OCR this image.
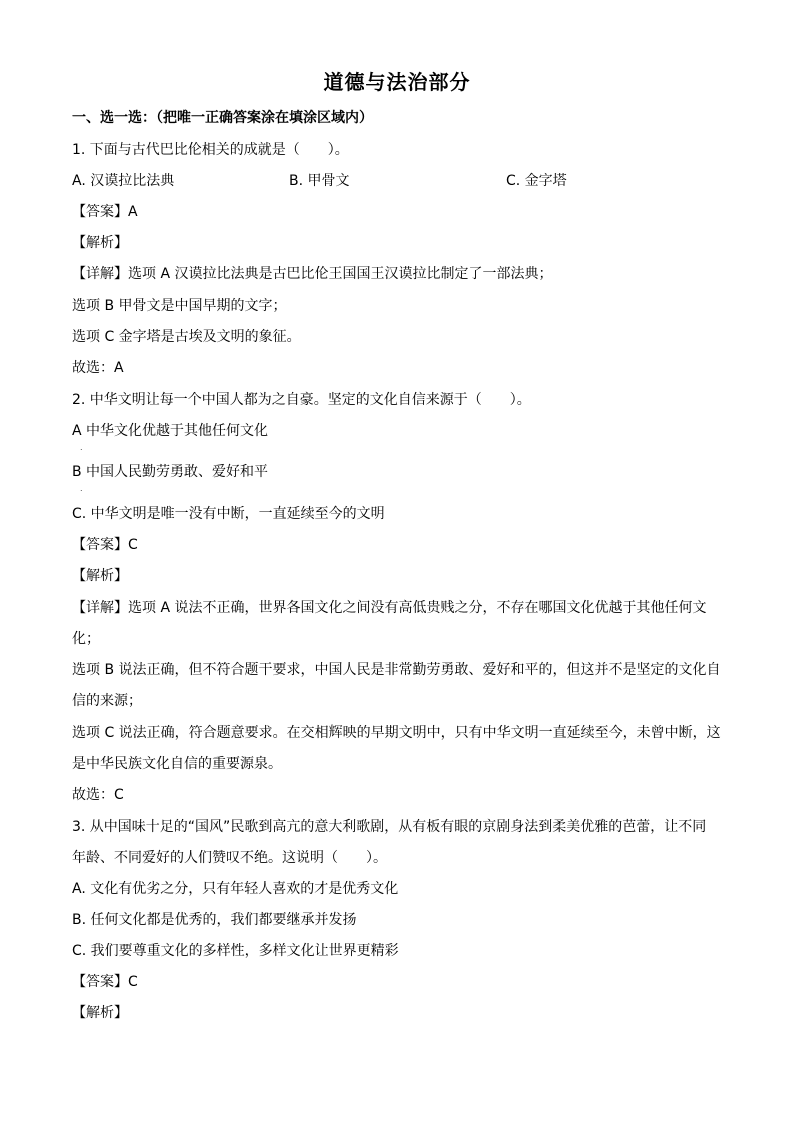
道德与法治部分
一、选一选：（把唯一正确答案涂在填涂区域内）
1. 下面与古代巴比伦相关的成就是（　　）。
A. 汉谟拉比法典	B. 甲骨文	C. 金字塔
【答案】A
【解析】
【详解】选项 A 汉谟拉比法典是古巴比伦王国国王汉谟拉比制定了一部法典；
选项 B 甲骨文是中国早期的文字；
选项 C 金字塔是古埃及文明的象征。
故选：A
2. 中华文明让每一个中国人都为之自豪。坚定的文化自信来源于（　　）。
A 中华文化优越于其他任何文化
.
B 中国人民勤劳勇敢、爱好和平
.
C. 中华文明是唯一没有中断，一直延续至今的文明
【答案】C
【解析】
【详解】选项 A 说法不正确，世界各国文化之间没有高低贵贱之分，不存在哪国文化优越于其他任何文
化；
选项 B 说法正确，但不符合题干要求，中国人民是非常勤劳勇敢、爱好和平的，但这并不是坚定的文化自
信的来源；
选项 C 说法正确，符合题意要求。在交相辉映的早期文明中，只有中华文明一直延续至今，未曾中断，这
是中华民族文化自信的重要源泉。
故选：C
3. 从中国味十足的“国风”民歌到高亢的意大利歌剧，从有板有眼的京剧身法到柔美优雅的芭蕾，让不同
年龄、不同爱好的人们赞叹不绝。这说明（　　）。
A. 文化有优劣之分，只有年轻人喜欢的才是优秀文化
B. 任何文化都是优秀的，我们都要继承并发扬
C. 我们要尊重文化的多样性，多样文化让世界更精彩
【答案】C
【解析】
